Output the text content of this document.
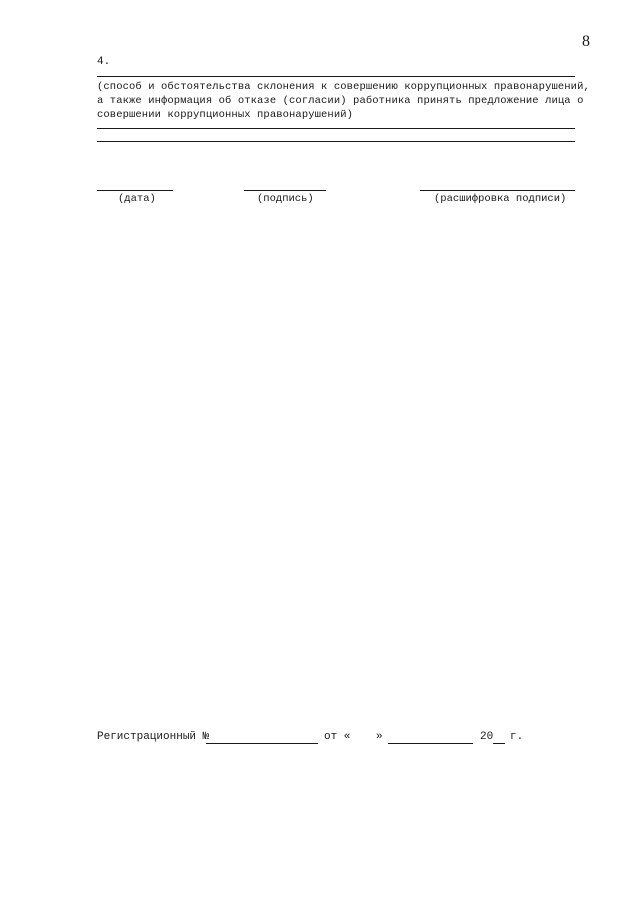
8
4.
(способ и обстоятельства склонения к совершению коррупционных правонарушений,
а также информация об отказе (согласии) работника принять предложение лица о
совершении коррупционных правонарушений)
(дата)	(подпись)	(расшифровка подписи)
Регистрационный №	от « »	20 г.
